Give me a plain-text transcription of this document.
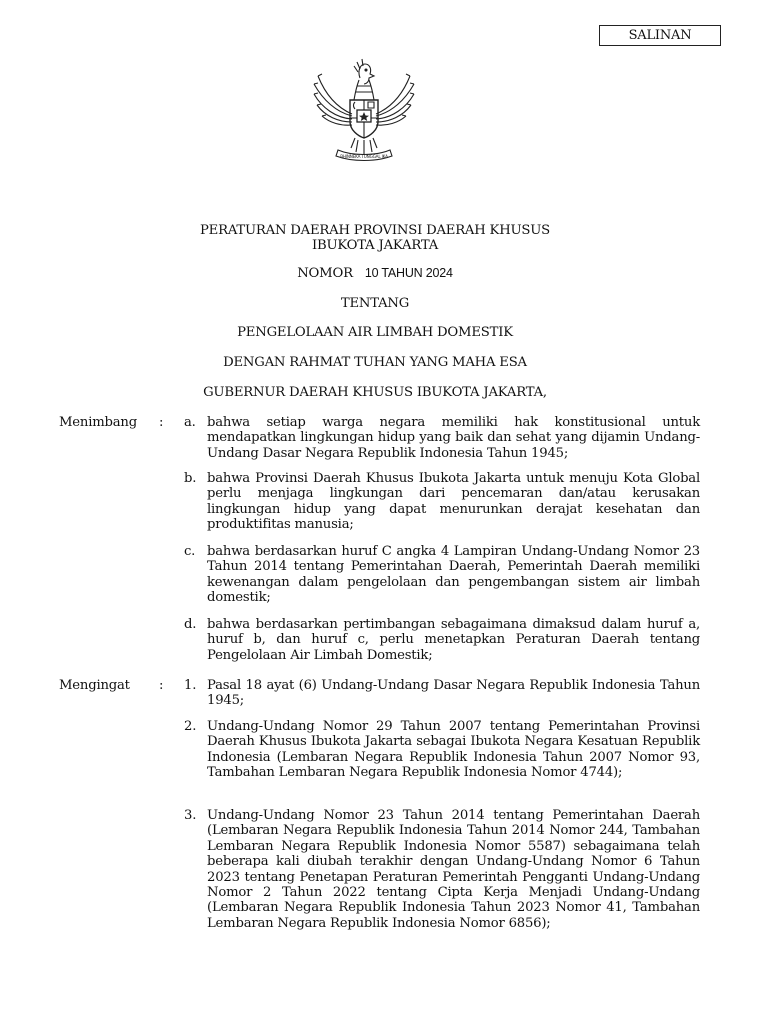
SALINAN
BHINNEKA TUNGGAL IKA
PERATURAN DAERAH PROVINSI DAERAH KHUSUS
IBUKOTA JAKARTA
NOMOR 10 TAHUN 2024
TENTANG
PENGELOLAAN AIR LIMBAH DOMESTIK
DENGAN RAHMAT TUHAN YANG MAHA ESA
GUBERNUR DAERAH KHUSUS IBUKOTA JAKARTA,
Menimbang : a. bahwa setiap warga negara memiliki hak konstitusional untuk mendapatkan lingkungan hidup yang baik dan sehat yang dijamin Undang-Undang Dasar Negara Republik Indonesia Tahun 1945;

b. bahwa Provinsi Daerah Khusus Ibukota Jakarta untuk menuju Kota Global perlu menjaga lingkungan dari pencemaran dan/atau kerusakan lingkungan hidup yang dapat menurunkan derajat kesehatan dan produktifitas manusia;

c. bahwa berdasarkan huruf C angka 4 Lampiran Undang-Undang Nomor 23 Tahun 2014 tentang Pemerintahan Daerah, Pemerintah Daerah memiliki kewenangan dalam pengelolaan dan pengembangan sistem air limbah domestik;

d. bahwa berdasarkan pertimbangan sebagaimana dimaksud dalam huruf a, huruf b, dan huruf c, perlu menetapkan Peraturan Daerah tentang Pengelolaan Air Limbah Domestik;

Mengingat : 1. Pasal 18 ayat (6) Undang-Undang Dasar Negara Republik Indonesia Tahun 1945;

2. Undang-Undang Nomor 29 Tahun 2007 tentang Pemerintahan Provinsi Daerah Khusus Ibukota Jakarta sebagai Ibukota Negara Kesatuan Republik Indonesia (Lembaran Negara Republik Indonesia Tahun 2007 Nomor 93, Tambahan Lembaran Negara Republik Indonesia Nomor 4744);

3. Undang-Undang Nomor 23 Tahun 2014 tentang Pemerintahan Daerah (Lembaran Negara Republik Indonesia Tahun 2014 Nomor 244, Tambahan Lembaran Negara Republik Indonesia Nomor 5587) sebagaimana telah beberapa kali diubah terakhir dengan Undang-Undang Nomor 6 Tahun 2023 tentang Penetapan Peraturan Pemerintah Pengganti Undang-Undang Nomor 2 Tahun 2022 tentang Cipta Kerja Menjadi Undang-Undang (Lembaran Negara Republik Indonesia Tahun 2023 Nomor 41, Tambahan Lembaran Negara Republik Indonesia Nomor 6856);
